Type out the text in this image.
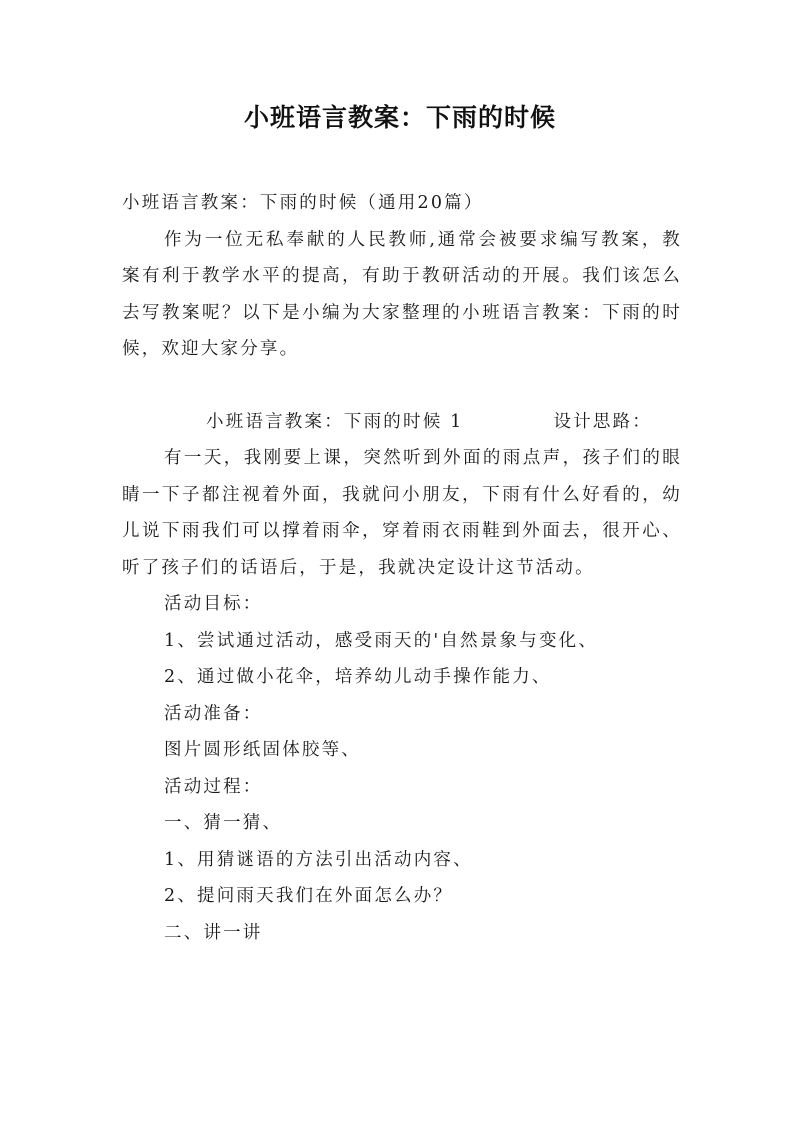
小班语言教案：下雨的时候

小班语言教案：下雨的时候（通用20篇）

作为一位无私奉献的人民教师,通常会被要求编写教案，教案有利于教学水平的提高，有助于教研活动的开展。我们该怎么去写教案呢？以下是小编为大家整理的小班语言教案：下雨的时候，欢迎大家分享。

小班语言教案：下雨的时候 1	设计思路：

有一天，我刚要上课，突然听到外面的雨点声，孩子们的眼睛一下子都注视着外面，我就问小朋友，下雨有什么好看的，幼儿说下雨我们可以撑着雨伞，穿着雨衣雨鞋到外面去，很开心、听了孩子们的话语后，于是，我就决定设计这节活动。

活动目标：

1、尝试通过活动，感受雨天的'自然景象与变化、

2、通过做小花伞，培养幼儿动手操作能力、

活动准备：

图片圆形纸固体胶等、

活动过程：

一、猜一猜、

1、用猜谜语的方法引出活动内容、

2、提问雨天我们在外面怎么办？

二、讲一讲
